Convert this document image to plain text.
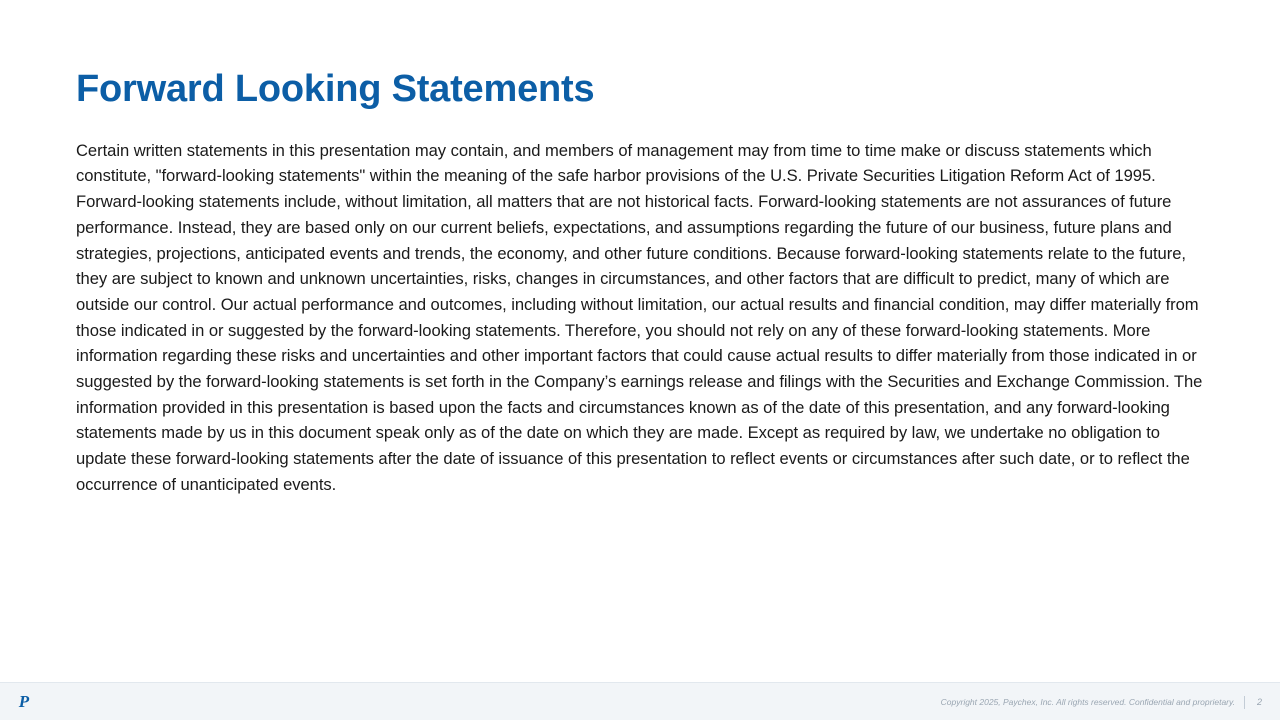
Forward Looking Statements

Certain written statements in this presentation may contain, and members of management may from time to time make or discuss statements which constitute, "forward-looking statements" within the meaning of the safe harbor provisions of the U.S. Private Securities Litigation Reform Act of 1995. Forward-looking statements include, without limitation, all matters that are not historical facts. Forward-looking statements are not assurances of future performance. Instead, they are based only on our current beliefs, expectations, and assumptions regarding the future of our business, future plans and strategies, projections, anticipated events and trends, the economy, and other future conditions. Because forward-looking statements relate to the future, they are subject to known and unknown uncertainties, risks, changes in circumstances, and other factors that are difficult to predict, many of which are outside our control. Our actual performance and outcomes, including without limitation, our actual results and financial condition, may differ materially from those indicated in or suggested by the forward-looking statements. Therefore, you should not rely on any of these forward-looking statements. More information regarding these risks and uncertainties and other important factors that could cause actual results to differ materially from those indicated in or suggested by the forward-looking statements is set forth in the Company’s earnings release and filings with the Securities and Exchange Commission. The information provided in this presentation is based upon the facts and circumstances known as of the date of this presentation, and any forward-looking statements made by us in this document speak only as of the date on which they are made. Except as required by law, we undertake no obligation to update these forward-looking statements after the date of issuance of this presentation to reflect events or circumstances after such date, or to reflect the occurrence of unanticipated events.

P	Copyright 2025, Paychex, Inc. All rights reserved. Confidential and proprietary.	2
